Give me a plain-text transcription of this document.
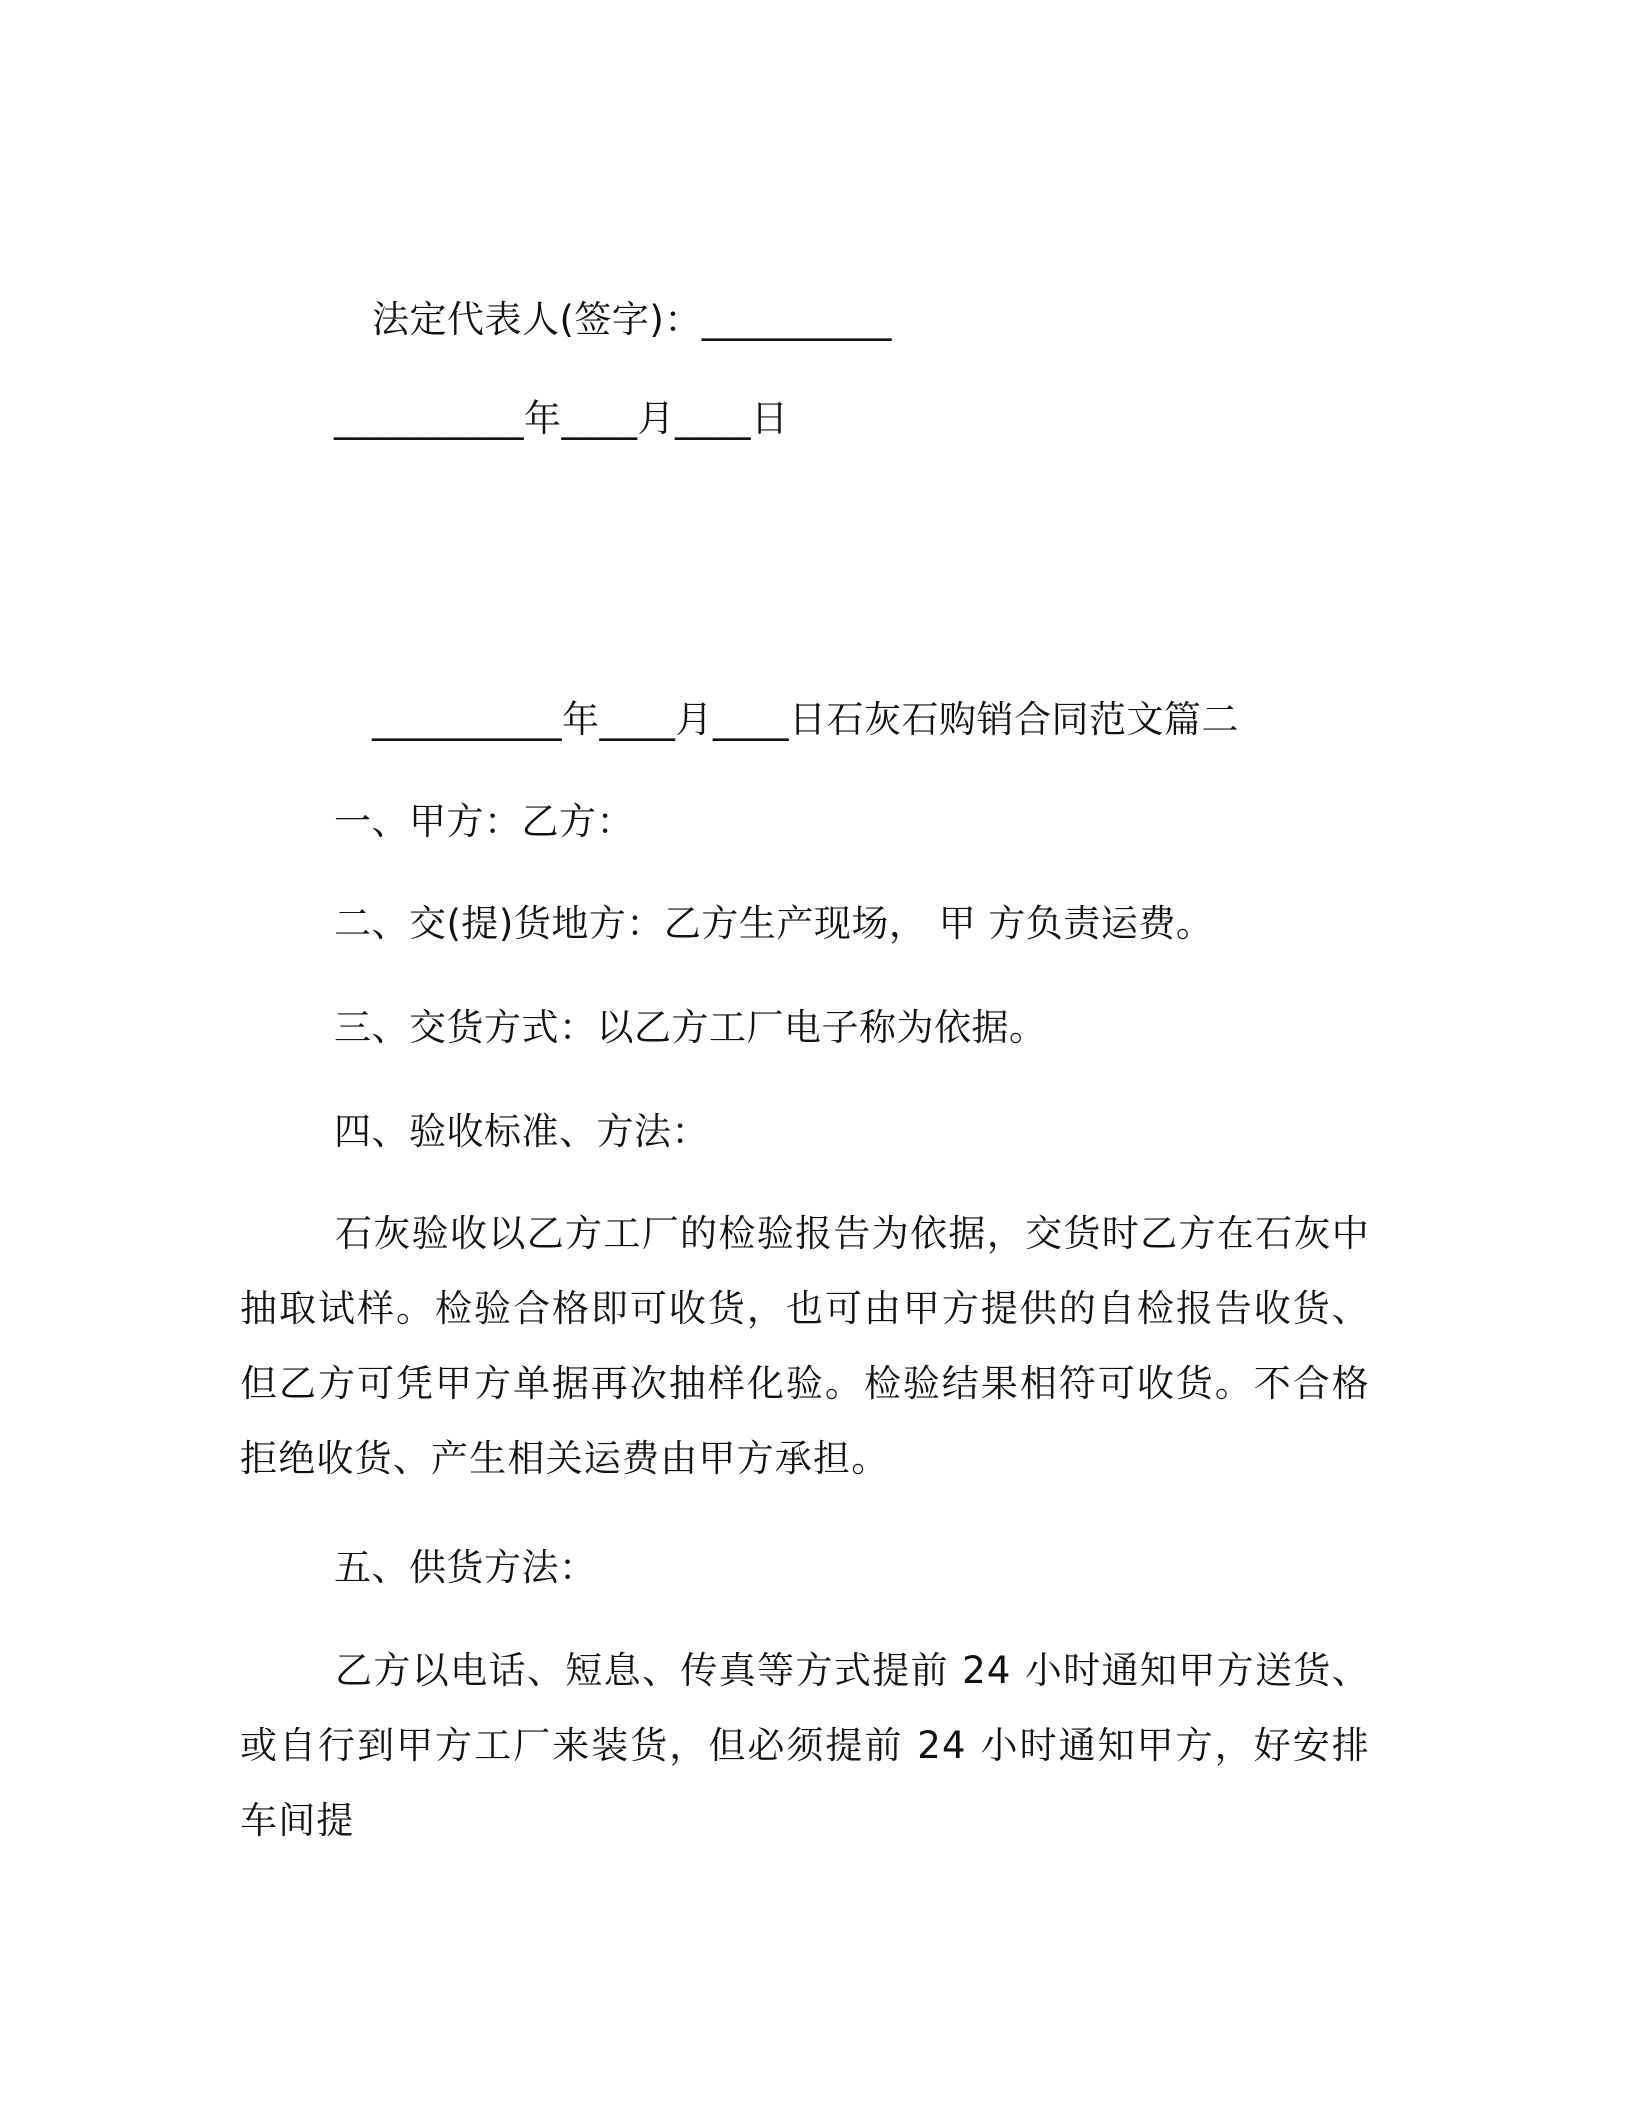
法定代表人(签字)：__________
__________年____月____日
__________年____月____日石灰石购销合同范文篇二
一、甲方：乙方：
二、交(提)货地方：乙方生产现场， 甲 方负责运费。
三、交货方式：以乙方工厂电子称为依据。
四、验收标准、方法：
石灰验收以乙方工厂的检验报告为依据，交货时乙方在石灰中抽取试样。检验合格即可收货，也可由甲方提供的自检报告收货、但乙方可凭甲方单据再次抽样化验。检验结果相符可收货。不合格拒绝收货、产生相关运费由甲方承担。
五、供货方法：
乙方以电话、短息、传真等方式提前 24 小时通知甲方送货、或自行到甲方工厂来装货，但必须提前 24 小时通知甲方，好安排车间提
